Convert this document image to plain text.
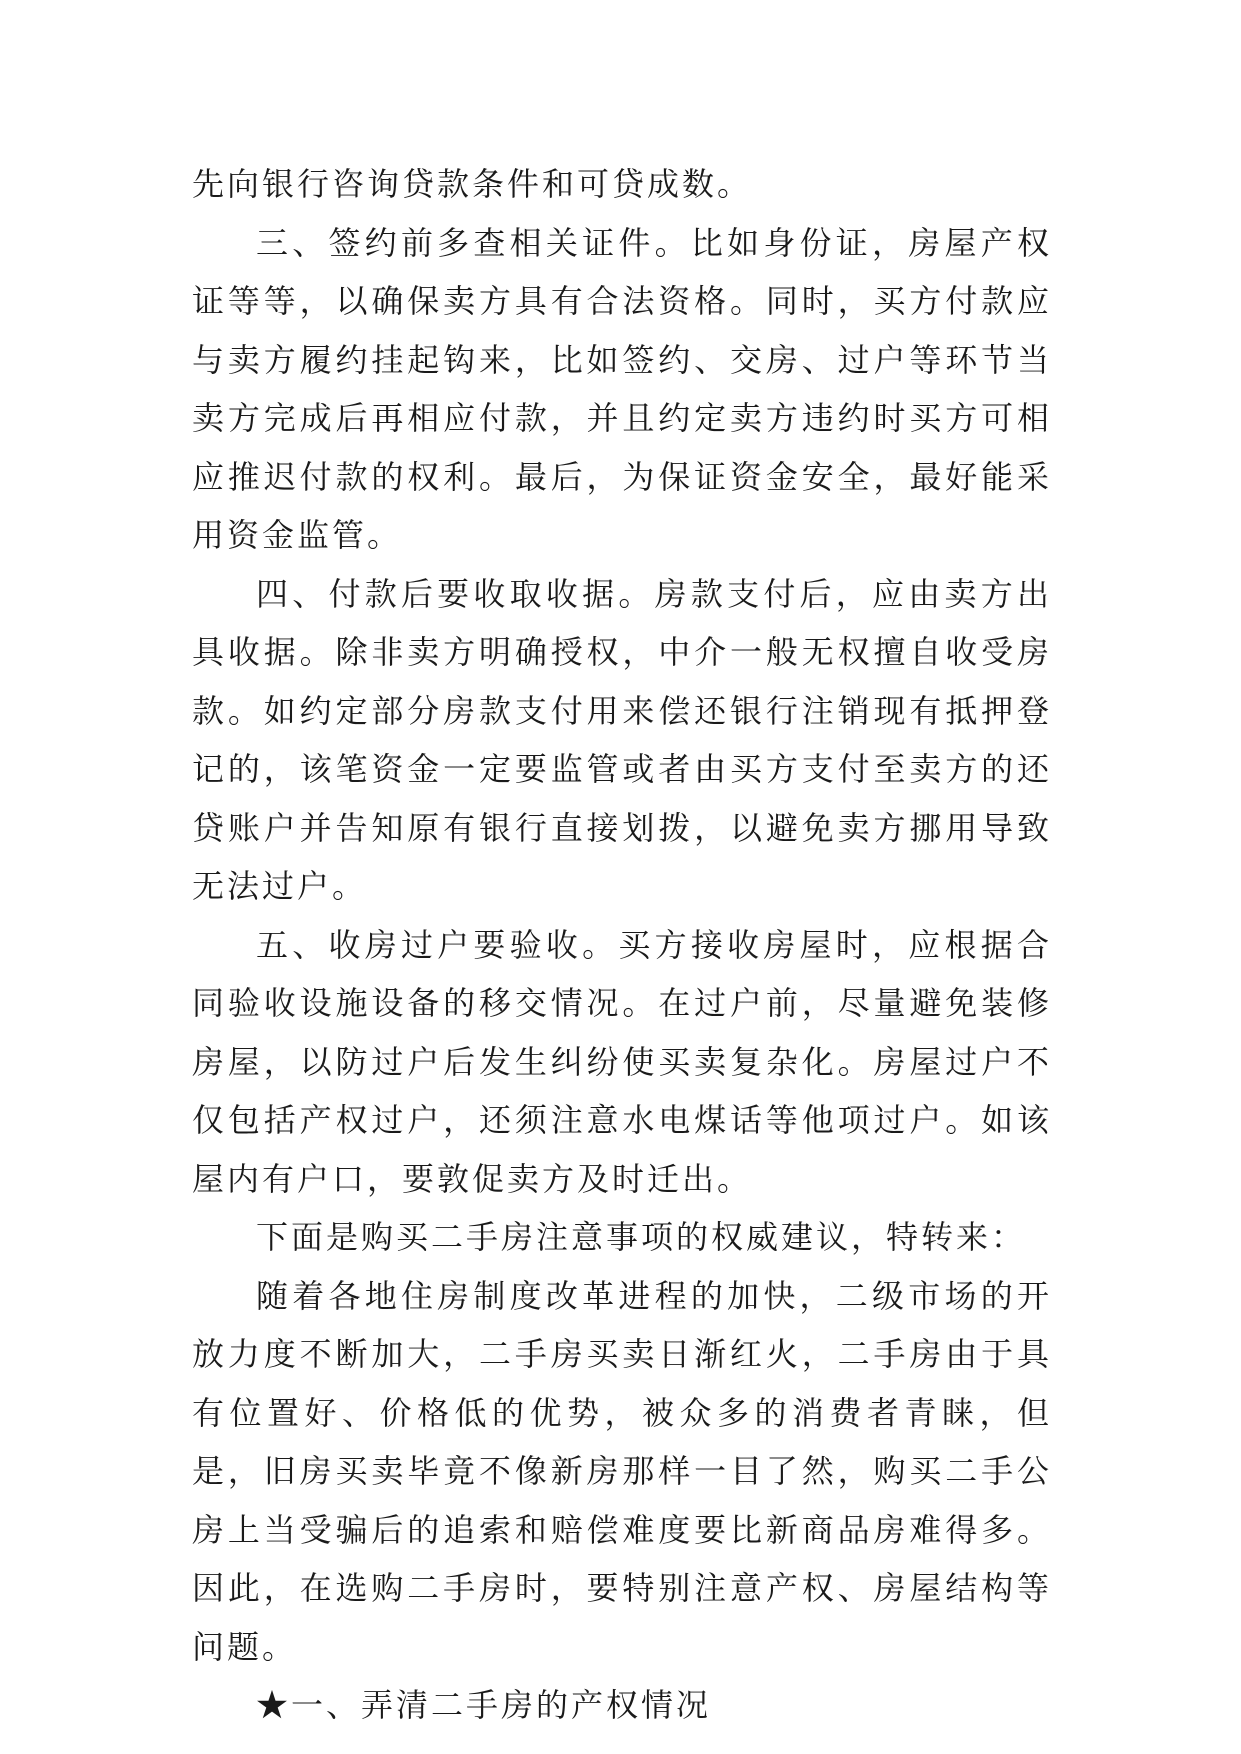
先向银行咨询贷款条件和可贷成数。

三、签约前多查相关证件。比如身份证，房屋产权证等等，以确保卖方具有合法资格。同时，买方付款应与卖方履约挂起钩来，比如签约、交房、过户等环节当卖方完成后再相应付款，并且约定卖方违约时买方可相应推迟付款的权利。最后，为保证资金安全，最好能采用资金监管。

四、付款后要收取收据。房款支付后，应由卖方出具收据。除非卖方明确授权，中介一般无权擅自收受房款。如约定部分房款支付用来偿还银行注销现有抵押登记的，该笔资金一定要监管或者由买方支付至卖方的还贷账户并告知原有银行直接划拨，以避免卖方挪用导致无法过户。

五、收房过户要验收。买方接收房屋时，应根据合同验收设施设备的移交情况。在过户前，尽量避免装修房屋，以防过户后发生纠纷使买卖复杂化。房屋过户不仅包括产权过户，还须注意水电煤话等他项过户。如该屋内有户口，要敦促卖方及时迁出。

下面是购买二手房注意事项的权威建议，特转来：

随着各地住房制度改革进程的加快，二级市场的开放力度不断加大，二手房买卖日渐红火，二手房由于具有位置好、价格低的优势，被众多的消费者青睐，但是，旧房买卖毕竟不像新房那样一目了然，购买二手公房上当受骗后的追索和赔偿难度要比新商品房难得多。因此，在选购二手房时，要特别注意产权、房屋结构等问题。

★一、弄清二手房的产权情况
